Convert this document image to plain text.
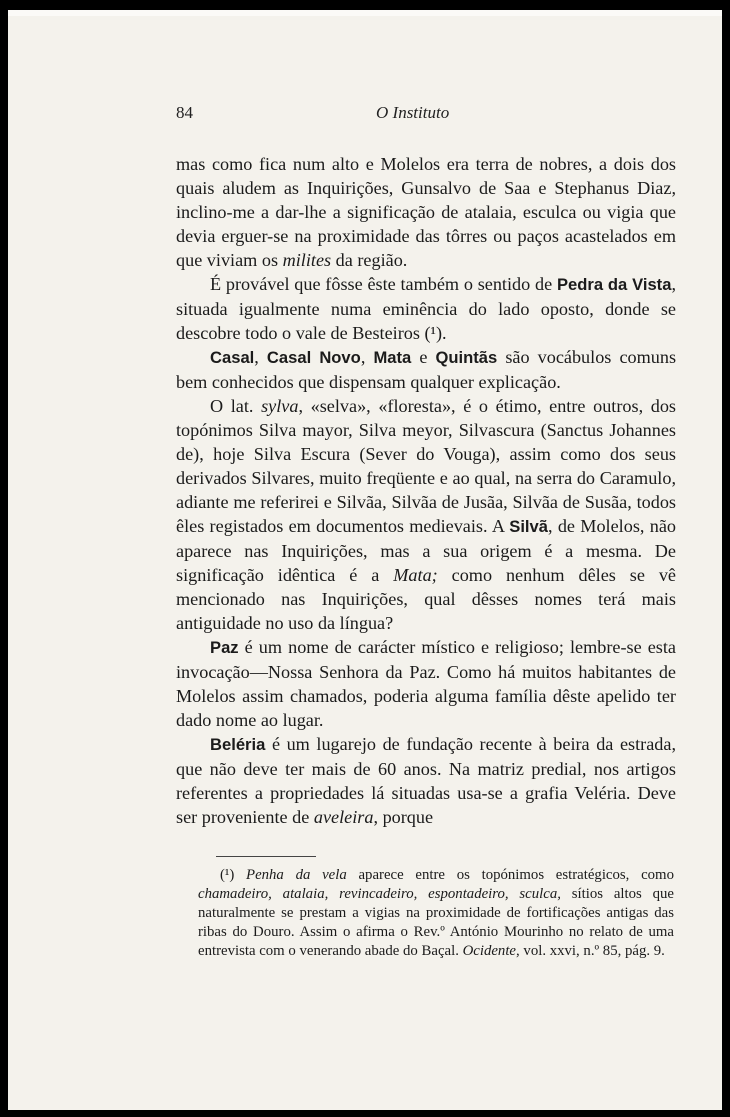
84	O Instituto

mas como fica num alto e Molelos era terra de nobres, a dois dos quais aludem as Inquirições, Gunsalvo de Saa e Stephanus Diaz, inclino-me a dar-lhe a significação de atalaia, esculca ou vigia que devia erguer-se na proximidade das tôrres ou paços acastelados em que viviam os milites da região.

É provável que fôsse êste também o sentido de Pedra da Vista, situada igualmente numa eminência do lado oposto, donde se descobre todo o vale de Besteiros (¹).

Casal, Casal Novo, Mata e Quintãs são vocábulos comuns bem conhecidos que dispensam qualquer explicação.

O lat. sylva, «selva», «floresta», é o étimo, entre outros, dos topónimos Silva mayor, Silva meyor, Silvascura (Sanctus Johannes de), hoje Silva Escura (Sever do Vouga), assim como dos seus derivados Silvares, muito freqüente e ao qual, na serra do Caramulo, adiante me referirei e Silvãa, Silvãa de Jusãa, Silvãa de Susãa, todos êles registados em documentos medievais. A Silvã, de Molelos, não aparece nas Inquirições, mas a sua origem é a mesma. De significação idêntica é a Mata; como nenhum dêles se vê mencionado nas Inquirições, qual dêsses nomes terá mais antiguidade no uso da língua?

Paz é um nome de carácter místico e religioso; lembre-se esta invocação—Nossa Senhora da Paz. Como há muitos habitantes de Molelos assim chamados, poderia alguma família dêste apelido ter dado nome ao lugar.

Beléria é um lugarejo de fundação recente à beira da estrada, que não deve ter mais de 60 anos. Na matriz predial, nos artigos referentes a propriedades lá situadas usa-se a grafia Veléria. Deve ser proveniente de aveleira, porque

(¹) Penha da vela aparece entre os topónimos estratégicos, como chamadeiro, atalaia, revincadeiro, espontadeiro, sculca, sítios altos que naturalmente se prestam a vigias na proximidade de fortificações antigas das ribas do Douro. Assim o afirma o Rev.º António Mourinho no relato de uma entrevista com o venerando abade do Baçal. Ocidente, vol. xxvi, n.º 85, pág. 9.
